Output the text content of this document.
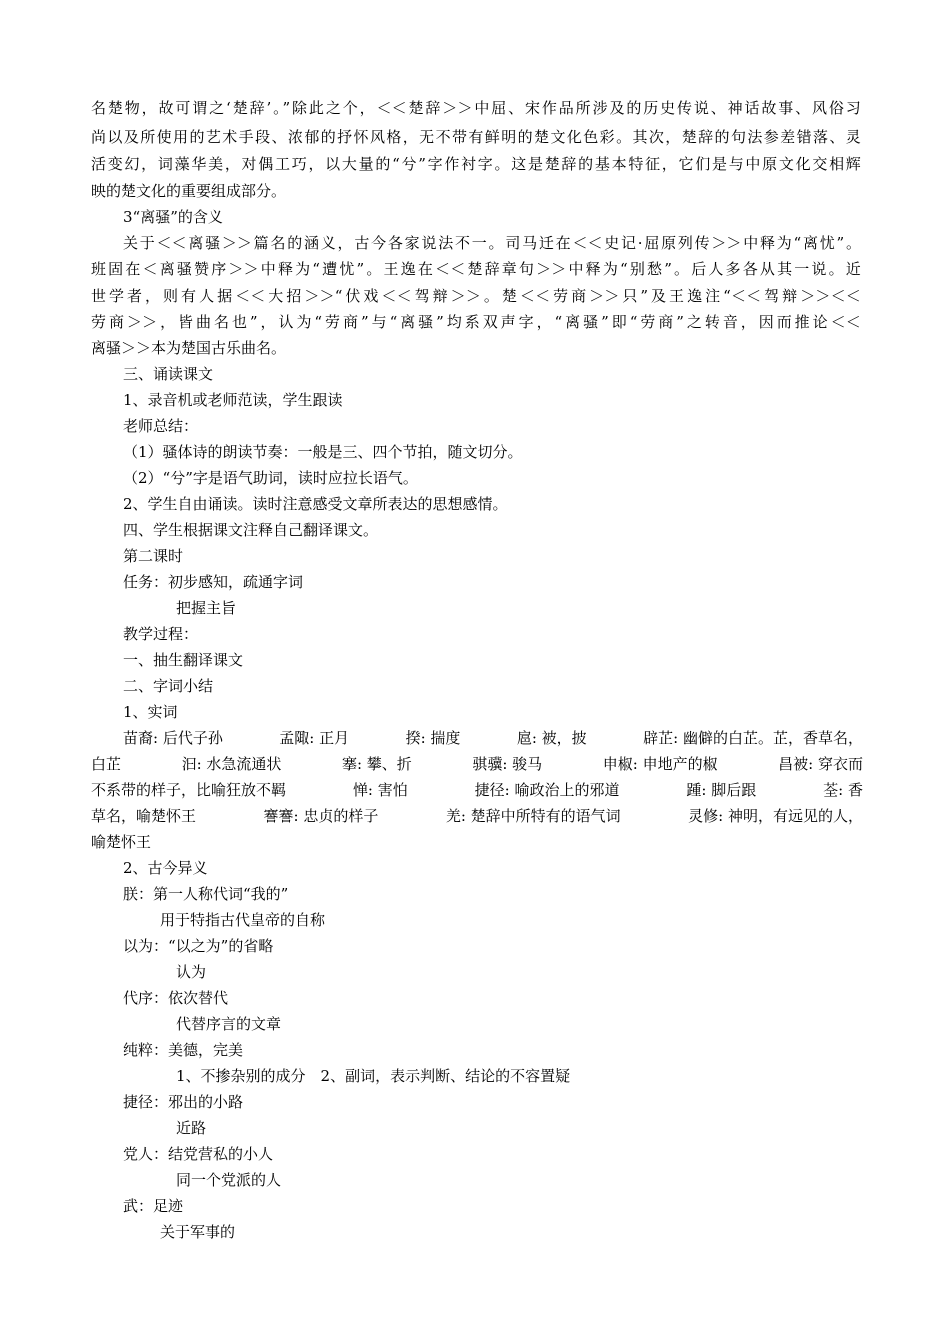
名楚物，故可谓之‘楚辞’。”除此之个，＜＜楚辞＞＞中屈、宋作品所涉及的历史传说、神话故事、风俗习
尚以及所使用的艺术手段、浓郁的抒怀风格，无不带有鲜明的楚文化色彩。其次，楚辞的句法参差错落、灵
活变幻，词藻华美，对偶工巧，以大量的“兮”字作衬字。这是楚辞的基本特征，它们是与中原文化交相辉
映的楚文化的重要组成部分。
3“离骚”的含义
关于＜＜离骚＞＞篇名的涵义，古今各家说法不一。司马迁在＜＜史记·屈原列传＞＞中释为“离忧”。
班固在＜离骚赞序＞＞中释为“遭忧”。王逸在＜＜楚辞章句＞＞中释为“别愁”。后人多各从其一说。近
世学者，则有人据＜＜大招＞＞“伏戏＜＜驾辩＞＞。楚＜＜劳商＞＞只”及王逸注“＜＜驾辩＞＞＜＜
劳商＞＞，皆曲名也”，认为“劳商”与“离骚”均系双声字，“离骚”即“劳商”之转音，因而推论＜＜
离骚＞＞本为楚国古乐曲名。
三、诵读课文
1、录音机或老师范读，学生跟读
老师总结：
（1）骚体诗的朗读节奏：一般是三、四个节拍，随文切分。
（2）“兮”字是语气助词，读时应拉长语气。
2、学生自由诵读。读时注意感受文章所表达的思想感情。
四、学生根据课文注释自己翻译课文。
第二课时
任务：初步感知，疏通字词
把握主旨
教学过程：
一、抽生翻译课文
二、字词小结
1、实词
苗裔: 后代子孙	孟陬: 正月	揆: 揣度	扈: 被，披	辟芷: 幽僻的白芷。芷，香草名，
白芷	汩: 水急流通状	搴: 攀、折	骐骥: 骏马	申椒: 申地产的椒	昌被: 穿衣而
不系带的样子，比喻狂放不羁	惮: 害怕	捷径: 喻政治上的邪道	踵: 脚后跟	荃: 香
草名，喻楚怀王	謇謇: 忠贞的样子	羌: 楚辞中所特有的语气词	灵修: 神明，有远见的人，
喻楚怀王
2、古今异义
朕：第一人称代词“我的”
用于特指古代皇帝的自称
以为：“以之为”的省略
认为
代序：依次替代
代替序言的文章
纯粹：美德，完美
1、不掺杂别的成分　2、副词，表示判断、结论的不容置疑
捷径：邪出的小路
近路
党人：结党营私的小人
同一个党派的人
武：足迹
关于军事的
